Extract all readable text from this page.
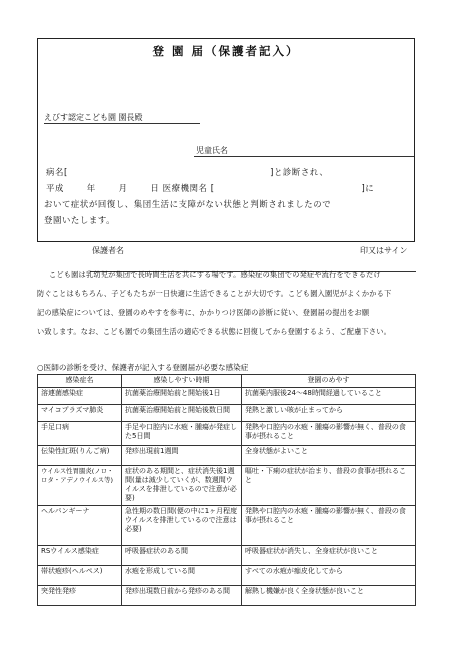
登 園 届（保護者記入）
えびす認定こども園 園長殿
児童氏名
病名[                                                              ]と診断され、
平成       年       月       日 医療機関名 [                                             ]に
おいて症状が回復し、集団生活に支障がない状態と判断されましたので
登園いたします。
保護者名	印又はサイン
こども園は乳幼児が集団で長時間生活を共にする場です。感染症の集団での発症や流行をできるだけ
防ぐことはもちろん、子どもたちが一日快適に生活できることが大切です。こども園入園児がよくかかる下
記の感染症については、登園のめやすを参考に、かかりつけ医師の診断に従い、登園届の提出をお願
い致します。なお、こども園での集団生活の適応できる状態に回復してから登園するよう、ご配慮下さい。
○医師の診断を受け、保護者が記入する登園届が必要な感染症
感染症名	感染しやすい時期	登園のめやす
溶連菌感染症	抗菌薬治療開始前と開始後1日	抗菌薬内服後24～48時間経過していること
マイコプラズマ肺炎	抗菌薬治療開始前と開始後数日間	発熱と激しい咳が止まってから
手足口病	手足や口腔内に水疱・腫瘍が発症した5日間	発熱や口腔内の水疱・腫瘍の影響が無く、普段の食事が摂れること
伝染性紅斑(りんご病)	発疹出現前1週間	全身状態がよいこと
ウイルス性胃腸炎(ノロ・ロタ・アデノウイルス等)	症状のある期間と、症状消失後1週間(量は減少していくが、数週間ウイルスを排泄しているので注意が必要)	嘔吐・下痢の症状が治まり、普段の食事が摂れること
ヘルパンギーナ	急性期の数日間(便の中に1ヶ月程度ウイルスを排泄しているので注意は必要)	発熱や口腔内の水疱・腫瘍の影響が無く、普段の食事が摂れること
RSウイルス感染症	呼吸器症状のある間	呼吸器症状が消失し、全身症状が良いこと
帯状疱疹(ヘルペス)	水疱を形成している間	すべての水疱が痂皮化してから
突発性発疹	発疹出現数日前から発疹のある間	解熱し機嫌が良く全身状態が良いこと
